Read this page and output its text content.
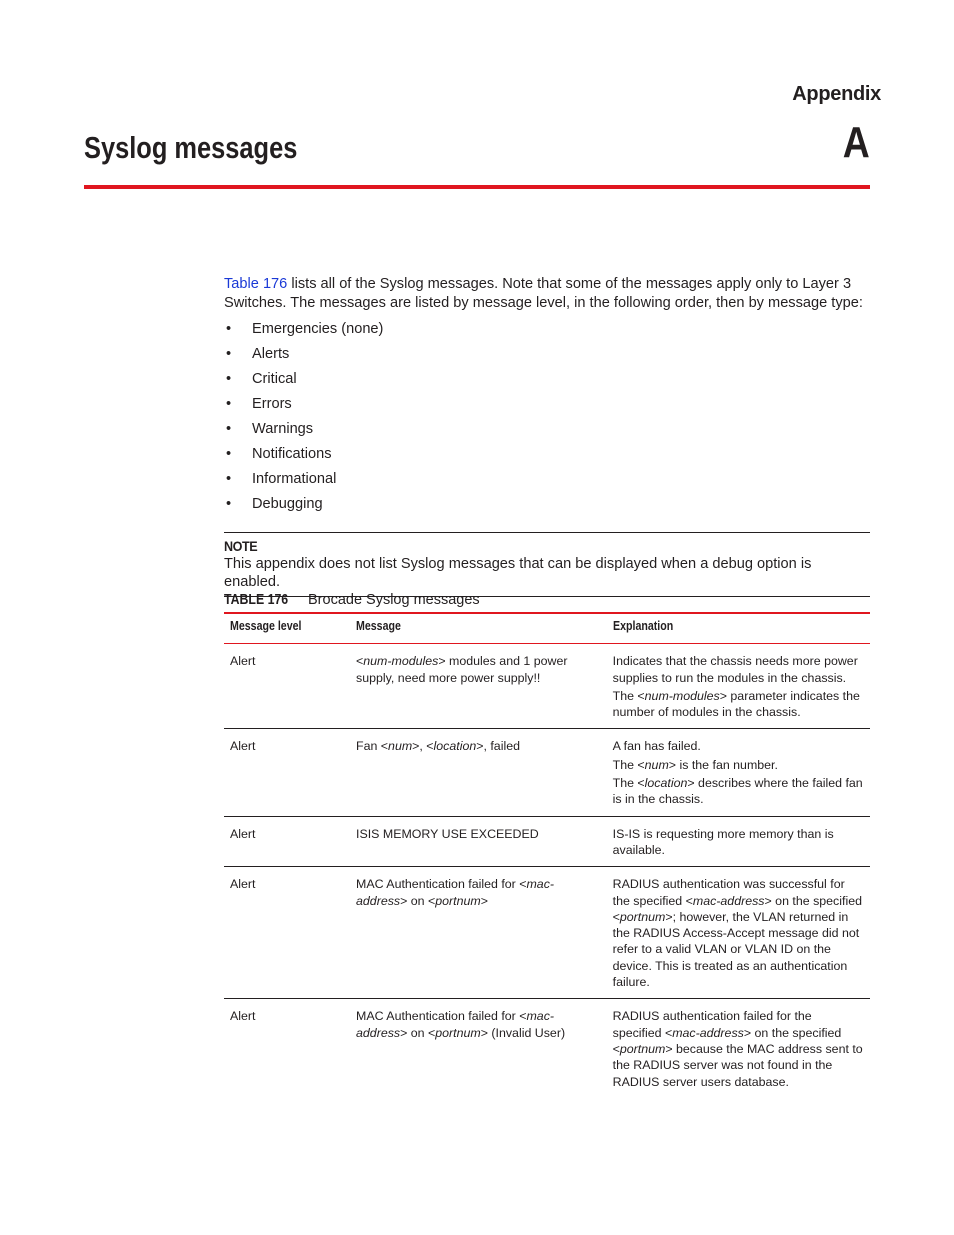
Appendix
A
Syslog messages

Table 176 lists all of the Syslog messages. Note that some of the messages apply only to Layer 3 Switches. The messages are listed by message level, in the following order, then by message type:

• Emergencies (none)
• Alerts
• Critical
• Errors
• Warnings
• Notifications
• Informational
• Debugging
NOTE
This appendix does not list Syslog messages that can be displayed when a debug option is enabled.
TABLE 176 Brocade Syslog messages
Message level	Message	Explanation
Alert	<num-modules> modules and 1 power supply, need more power supply!!	Indicates that the chassis needs more power supplies to run the modules in the chassis.

The <num-modules> parameter indicates the number of modules in the chassis.

Alert	Fan <num>, <location>, failed	A fan has failed.

The <num> is the fan number.

The <location> describes where the failed fan is in the chassis.

Alert	ISIS MEMORY USE EXCEEDED	IS-IS is requesting more memory than is available.

Alert	MAC Authentication failed for <mac-address> on <portnum>	RADIUS authentication was successful for the specified <mac-address> on the specified <portnum>; however, the VLAN returned in the RADIUS Access-Accept message did not refer to a valid VLAN or VLAN ID on the device. This is treated as an authentication failure.

Alert	MAC Authentication failed for <mac-address> on <portnum> (Invalid User)	RADIUS authentication failed for the specified <mac-address> on the specified <portnum> because the MAC address sent to the RADIUS server was not found in the RADIUS server users database.
